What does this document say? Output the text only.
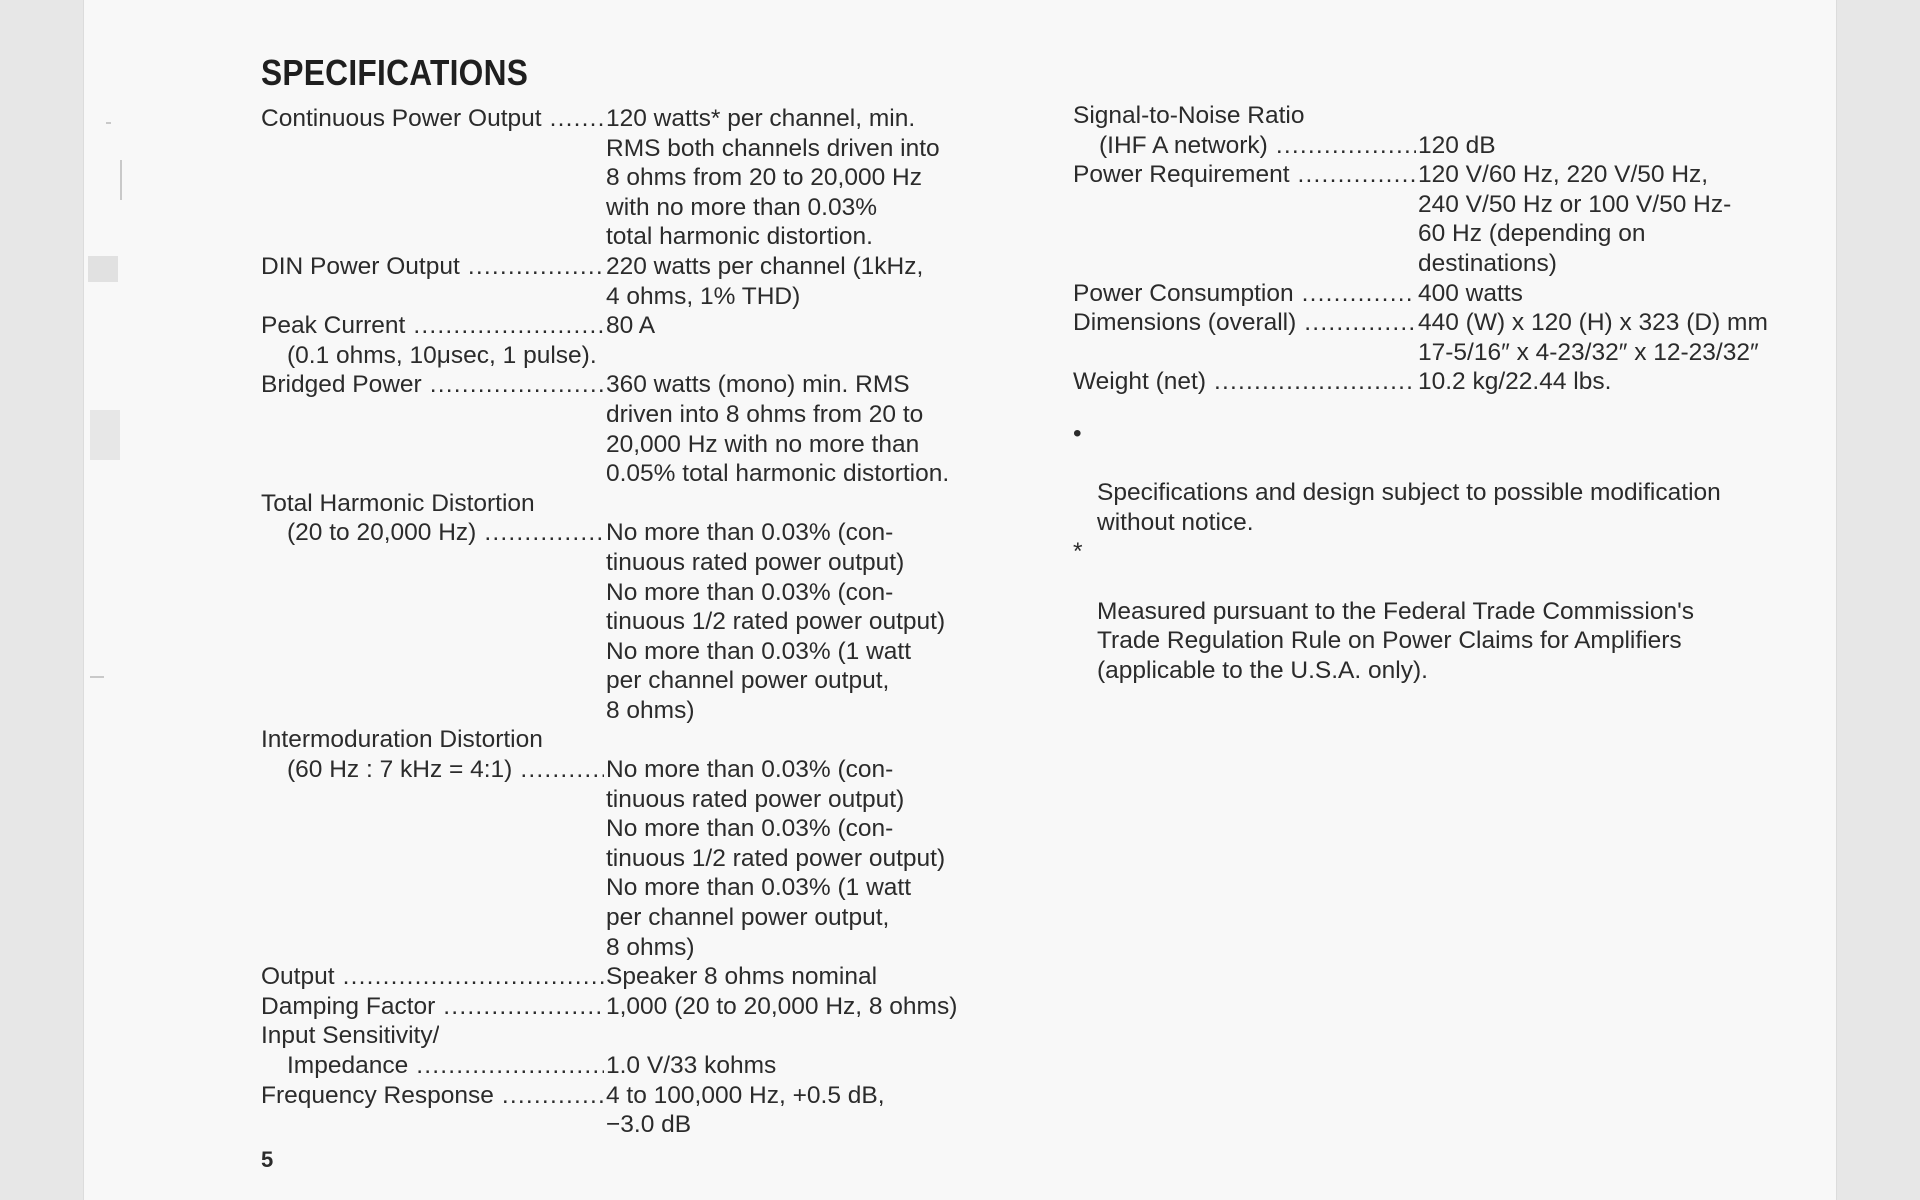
SPECIFICATIONS
Continuous Power Output .....	120 watts* per channel, min.
RMS both channels driven into
8 ohms from 20 to 20,000 Hz
with no more than 0.03%
total harmonic distortion.
DIN Power Output .....	220 watts per channel (1kHz,
4 ohms, 1% THD)
Peak Current .....	80 A
(0.1 ohms, 10μsec, 1 pulse).
Bridged Power .....	360 watts (mono) min. RMS
driven into 8 ohms from 20 to
20,000 Hz with no more than
0.05% total harmonic distortion.
Total Harmonic Distortion
(20 to 20,000 Hz) .....	No more than 0.03% (con-
tinuous rated power output)
No more than 0.03% (con-
tinuous 1/2 rated power output)
No more than 0.03% (1 watt
per channel power output,
8 ohms)
Intermoduration Distortion
(60 Hz : 7 kHz = 4:1) .....	No more than 0.03% (con-
tinuous rated power output)
No more than 0.03% (con-
tinuous 1/2 rated power output)
No more than 0.03% (1 watt
per channel power output,
8 ohms)
Output .....	Speaker 8 ohms nominal
Damping Factor .....	1,000 (20 to 20,000 Hz, 8 ohms)
Input Sensitivity/
Impedance .....	1.0 V/33 kohms
Frequency Response .....	4 to 100,000 Hz, +0.5 dB,
−3.0 dB
Signal-to-Noise Ratio
(IHF A network) .....	120 dB
Power Requirement .....	120 V/60 Hz, 220 V/50 Hz,
240 V/50 Hz or 100 V/50 Hz-
60 Hz (depending on
destinations)
Power Consumption .....	400 watts
Dimensions (overall) .....	440 (W) x 120 (H) x 323 (D) mm
17-5/16″ x 4-23/32″ x 12-23/32″
Weight (net) .....	10.2 kg/22.44 lbs.

•

Specifications and design subject to possible modification
without notice.

*

Measured pursuant to the Federal Trade Commission's
Trade Regulation Rule on Power Claims for Amplifiers
(applicable to the U.S.A. only).

5
